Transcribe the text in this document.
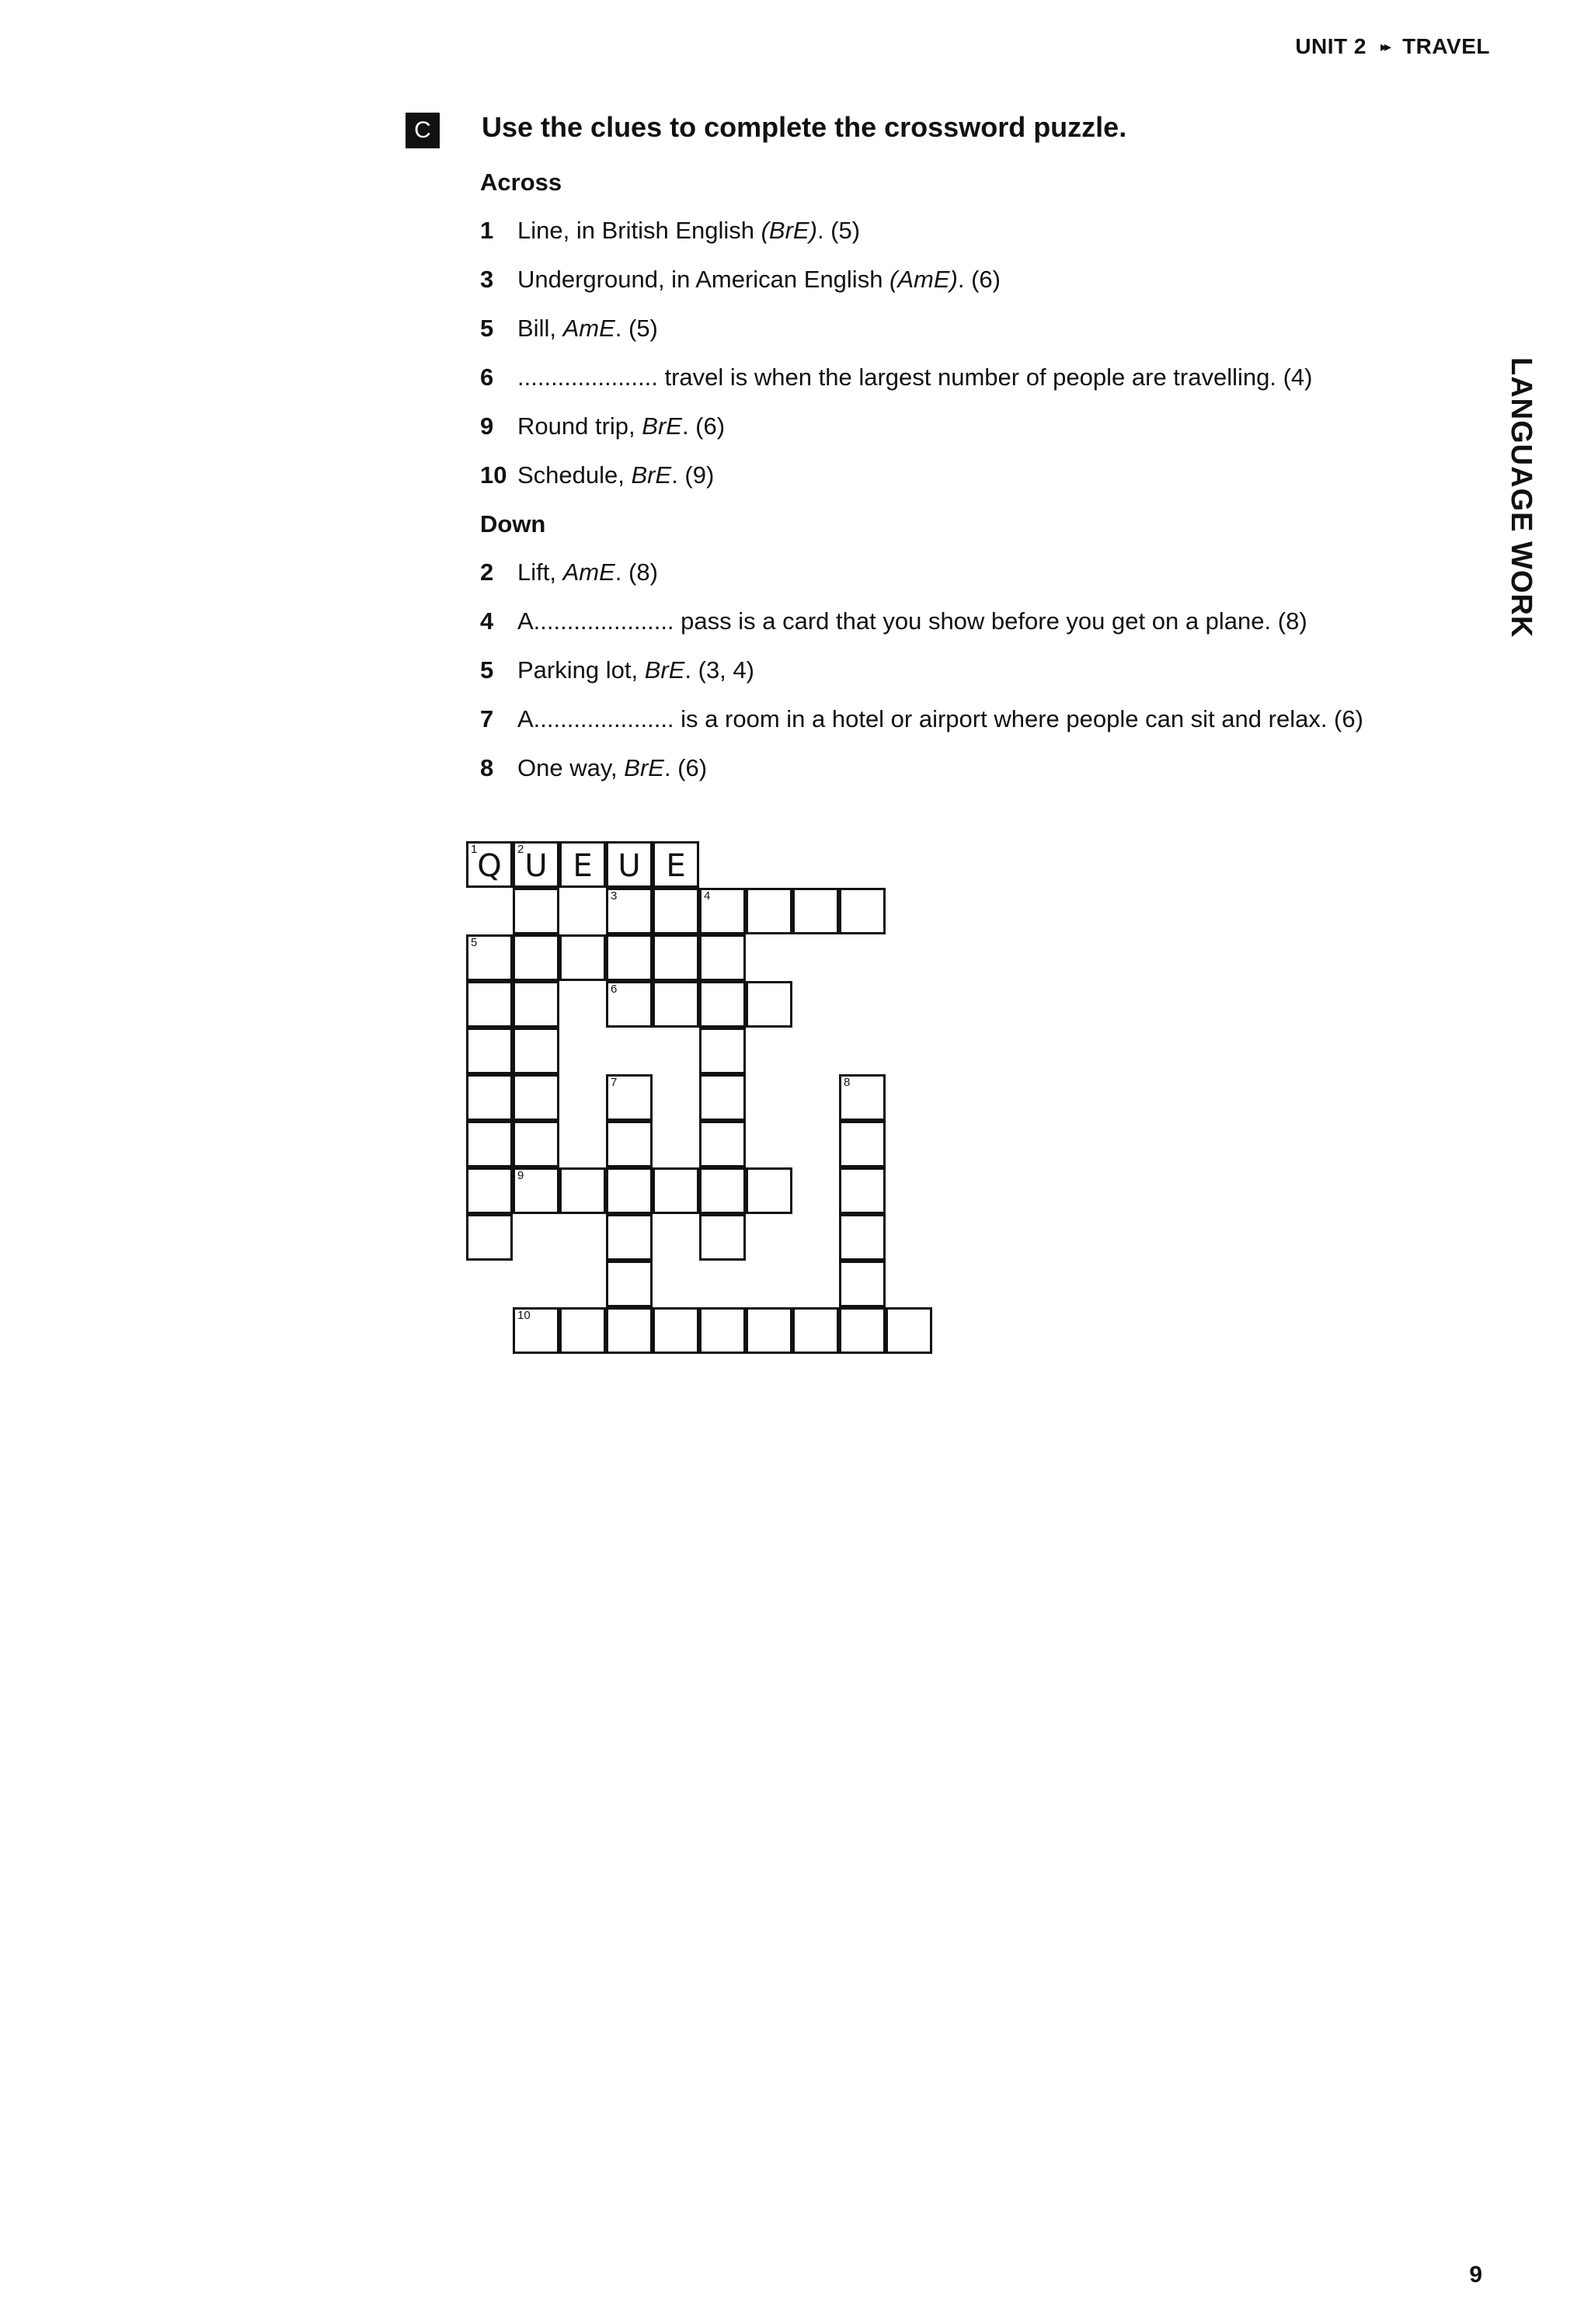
UNIT 2 ▸▸ TRAVEL
LANGUAGE WORK
C	Use the clues to complete the crossword puzzle.
Across
1 Line, in British English (BrE). (5)
3 Underground, in American English (AmE). (6)
5 Bill, AmE. (5)
6 ..................... travel is when the largest number of people are travelling. (4)
9 Round trip, BrE. (6)
10 Schedule, BrE. (9)
Down
2 Lift, AmE. (8)
4 A..................... pass is a card that you show before you get on a plane. (8)
5 Parking lot, BrE. (3, 4)
7 A..................... is a room in a hotel or airport where people can sit and relax. (6)
8 One way, BrE. (6)
1 Q	2 U E U E
9
3	4
5
6
7	8
10
9
